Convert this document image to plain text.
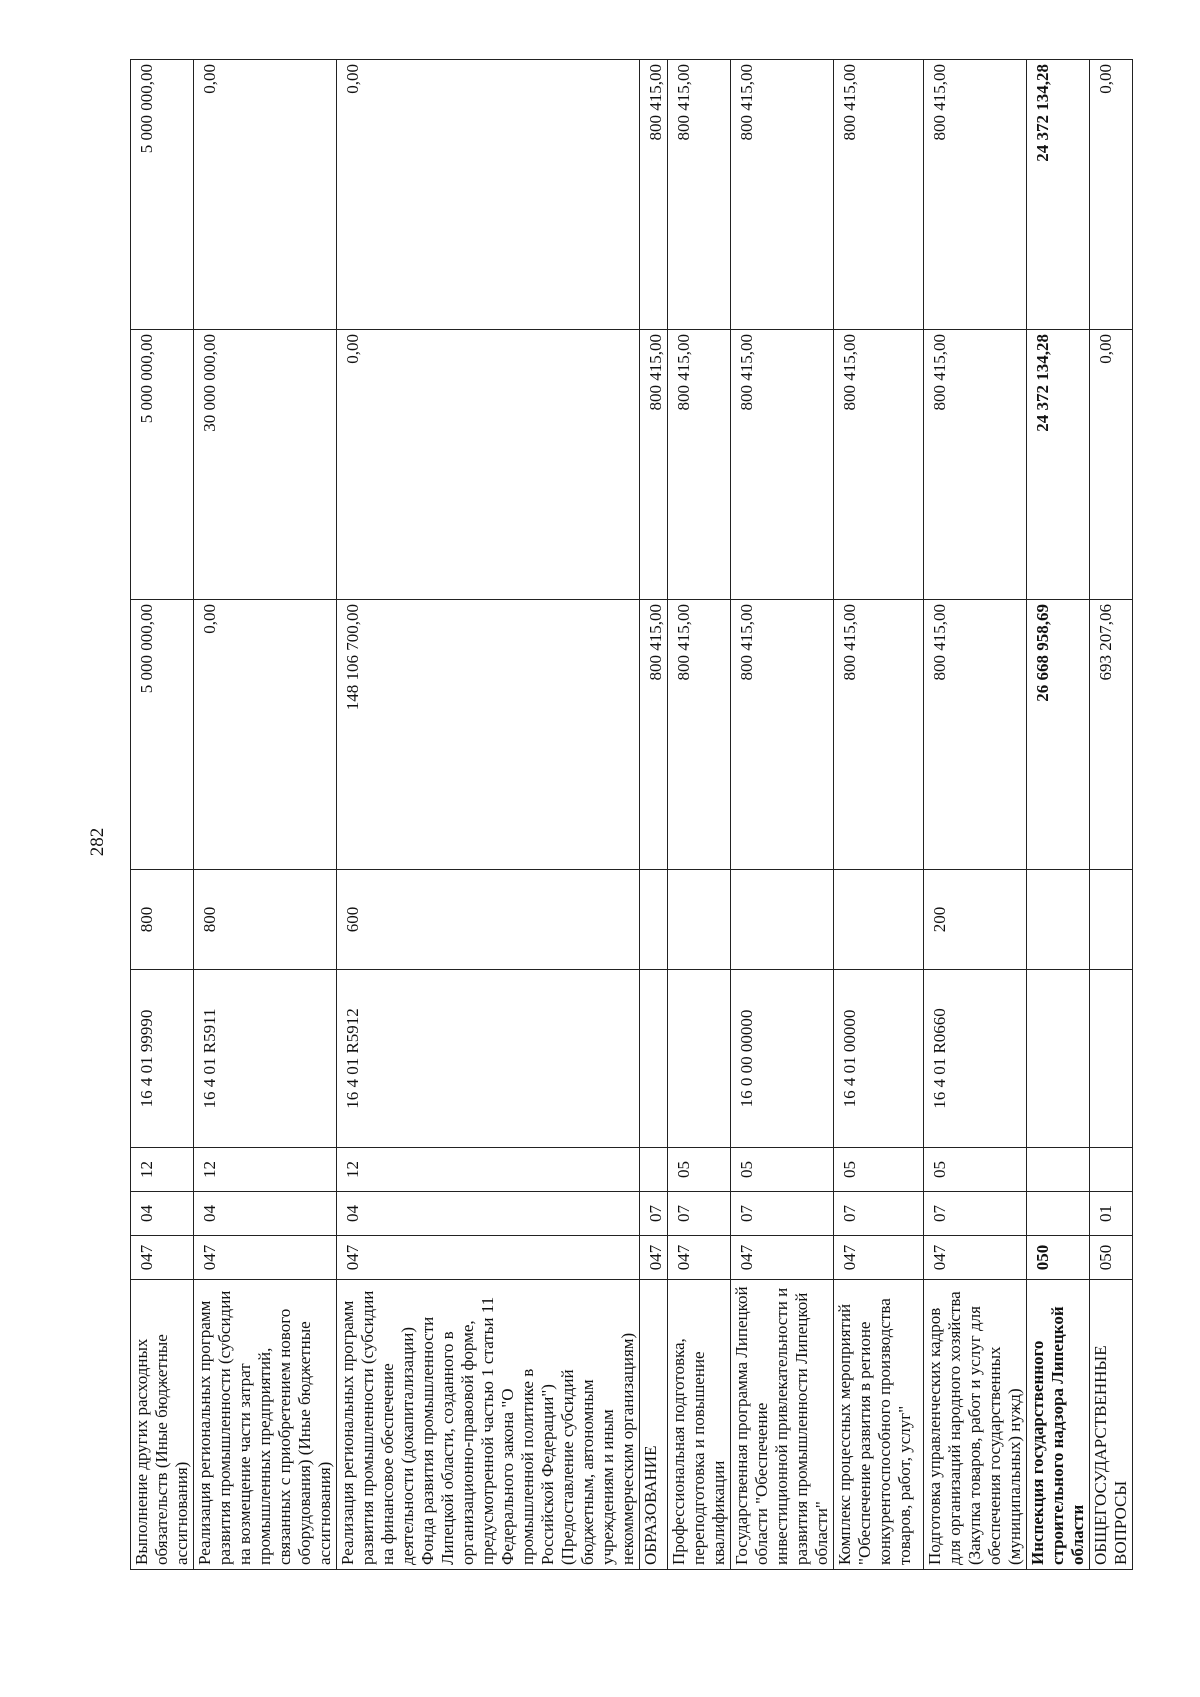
282
Выполнение других расходных обязательств (Иные бюджетные ассигнования)	047	04	12	16 4 01 99990	800	5 000 000,00	5 000 000,00	5 000 000,00
Реализация региональных программ развития промышленности (субсидии на возмещение части затрат промышленных предприятий, связанных с приобретением нового оборудования) (Иные бюджетные ассигнования)	047	04	12	16 4 01 R5911	800	0,00	30 000 000,00	0,00
Реализация региональных программ развития промышленности (субсидии на финансовое обеспечение деятельности (докапитализации) Фонда развития промышленности Липецкой области, созданного в организационно-правовой форме, предусмотренной частью 1 статьи 11 Федерального закона "О промышленной политике в Российской Федерации") (Предоставление субсидий бюджетным, автономным учреждениям и иным некоммерческим организациям)	047	04	12	16 4 01 R5912	600	148 106 700,00	0,00	0,00
ОБРАЗОВАНИЕ	047	07				800 415,00	800 415,00	800 415,00
Профессиональная подготовка, переподготовка и повышение квалификации	047	07	05			800 415,00	800 415,00	800 415,00
Государственная программа Липецкой области "Обеспечение инвестиционной привлекательности и развития промышленности Липецкой области"	047	07	05	16 0 00 00000		800 415,00	800 415,00	800 415,00
Комплекс процессных мероприятий "Обеспечение развития в регионе конкурентоспособного производства товаров, работ, услуг"	047	07	05	16 4 01 00000		800 415,00	800 415,00	800 415,00
Подготовка управленческих кадров для организаций народного хозяйства (Закупка товаров, работ и услуг для обеспечения государственных (муниципальных) нужд)	047	07	05	16 4 01 R0660	200	800 415,00	800 415,00	800 415,00
Инспекция государственного строительного надзора Липецкой области	050					26 668 958,69	24 372 134,28	24 372 134,28
ОБЩЕГОСУДАРСТВЕННЫЕ ВОПРОСЫ	050	01				693 207,06	0,00	0,00
